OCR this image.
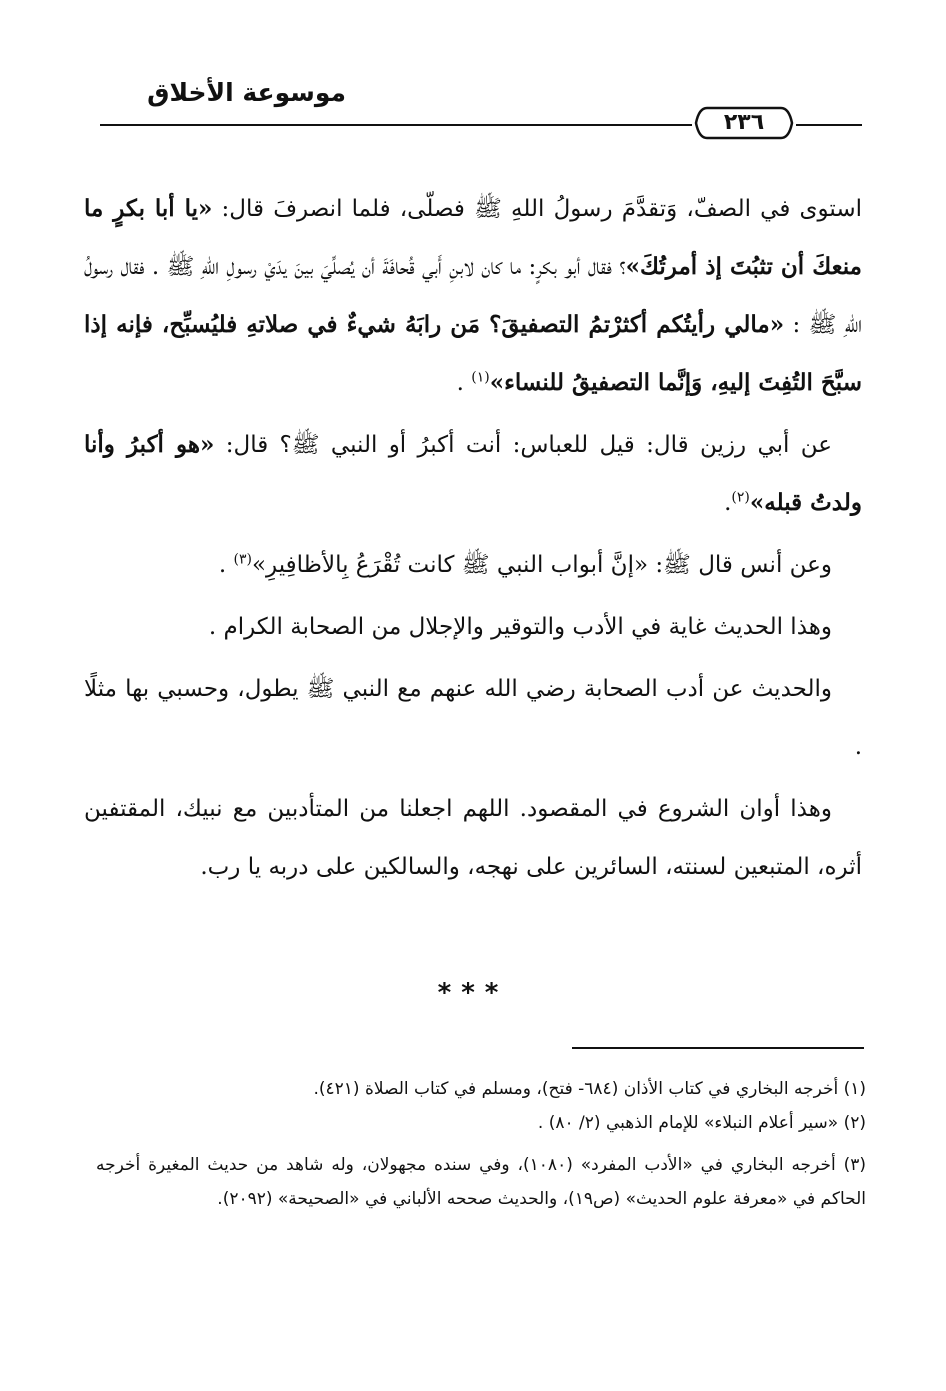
موسوعة الأخلاق
٢٣٦

استوى في الصفّ، وَتقدَّمَ رسولُ اللهِ ﷺ فصلّى، فلما انصرفَ قال: «يا أبا بكرٍ ما منعكَ أن تثبُتَ إذ أمرتُكَ»؟ فقال أبو بكرٍ: ما كان لابنِ أَبي قُحافَةَ أن يُصلِّيَ بينَ يدَيْ رسولِ اللهِ ﷺ . فقال رسولُ اللهِ ﷺ : «مالي رأيتُكم أكثرْتمُ التصفيقَ؟ مَن رابَهُ شيءٌ في صلاتهِ فليُسبِّح، فإنه إذا سبَّحَ التُفِتَ إليهِ، وَإنَّما التصفيقُ للنساء»$^{(١)}$ .

عن أبي رزين قال: قيل للعباس: أنت أكبرُ أو النبي ﷺ؟ قال: «هو أكبرُ وأنا ولدتُ قبله»$^{(٢)}$.

وعن أنس قال ﷺ: «إنَّ أبواب النبي ﷺ كانت تُقْرَعُ بِالأظافِيرِ»$^{(٣)}$ .

وهذا الحديث غاية في الأدب والتوقير والإجلال من الصحابة الكرام .

والحديث عن أدب الصحابة رضي الله عنهم مع النبي ﷺ يطول، وحسبي بها مثلًا .

وهذا أوان الشروع في المقصود. اللهم اجعلنا من المتأدبين مع نبيك، المقتفين أثره، المتبعين لسنته، السائرين على نهجه، والسالكين على دربه يا رب.

***

(١) أخرجه البخاري في كتاب الأذان (٦٨٤- فتح)، ومسلم في كتاب الصلاة (٤٢١).

(٢) «سير أعلام النبلاء» للإمام الذهبي (٢/ ٨٠) .

(٣) أخرجه البخاري في «الأدب المفرد» (١٠٨٠)، وفي سنده مجهولان، وله شاهد من حديث المغيرة أخرجه الحاكم في «معرفة علوم الحديث» (ص١٩)، والحديث صححه الألباني في «الصحيحة» (٢٠٩٢).
